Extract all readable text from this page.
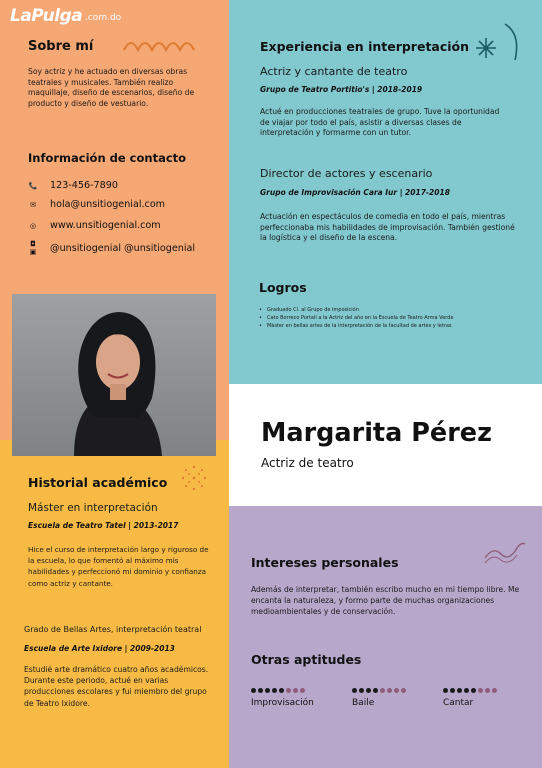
LaPulga .com.do
Sobre mí
Soy actriz y he actuado en diversas obras teatrales y musicales. También realizo maquillaje, diseño de escenarios, diseño de producto y diseño de vestuario.
Información de contacto
📞 123-456-7890
✉ hola@unsitiogenial.com
◎ www.unsitiogenial.com
◘
▣ @unsitiogenial @unsitiogenial
Experiencia en interpretación
Actriz y cantante de teatro
Grupo de Teatro Portitio's | 2018-2019
Actué en producciones teatrales de grupo. Tuve la oportunidad de viajar por todo el país, asistir a diversas clases de interpretación y formarme con un tutor.
Director de actores y escenario
Grupo de Improvisación Cara Iur | 2017-2018
Actuación en espectáculos de comedia en todo el país, mientras perfeccionaba mis habilidades de improvisación. También gestioné la logística y el diseño de la escena.
Logros
• Graduado Cl. al Grupo de imposición
• Cato Borreco Portalí a la Actriz del año en la Escuela de Teatro Arma Verde
• Máster en bellas artes de la interpretación de la facultad de artes y letras
Margarita Pérez
Actriz de teatro
Historial académico
Máster en interpretación
Escuela de Teatro Tatel | 2013-2017
Hice el curso de interpretación largo y riguroso de la escuela, lo que fomentó al máximo mis habilidades y perfeccionó mi dominio y confianza como actriz y cantante.
Grado de Bellas Artes, interpretación teatral
Escuela de Arte Ixidore | 2009-2013
Estudié arte dramático cuatro años académicos. Durante este periodo, actué en varias producciones escolares y fui miembro del grupo de Teatro Ixidore.
Intereses personales
Además de interpretar, también escribo mucho en mi tiempo libre. Me encanta la naturaleza, y formo parte de muchas organizaciones medioambientales y de conservación.
Otras aptitudes
Improvisación	Baile	Cantar
